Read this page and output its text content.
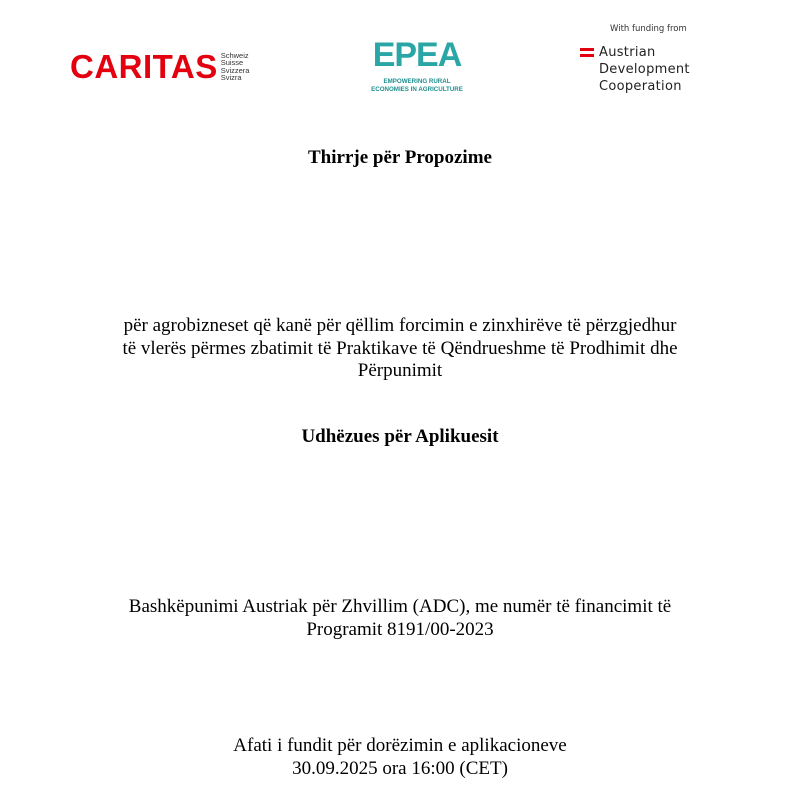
CARITAS Schweiz
Suisse
Svizzera
Svizra
EPEA
EMPOWERING RURAL
ECONOMIES IN AGRICULTURE
With funding from
Austrian
Development
Cooperation
Thirrje për Propozime
për agrobizneset që kanë për qëllim forcimin e zinxhirëve të përzgjedhur
të vlerës përmes zbatimit të Praktikave të Qëndrueshme të Prodhimit dhe
Përpunimit
Udhëzues për Aplikuesit
Bashkëpunimi Austriak për Zhvillim (ADC), me numër të financimit të
Programit 8191/00-2023
Afati i fundit për dorëzimin e aplikacioneve
30.09.2025 ora 16:00 (CET)
